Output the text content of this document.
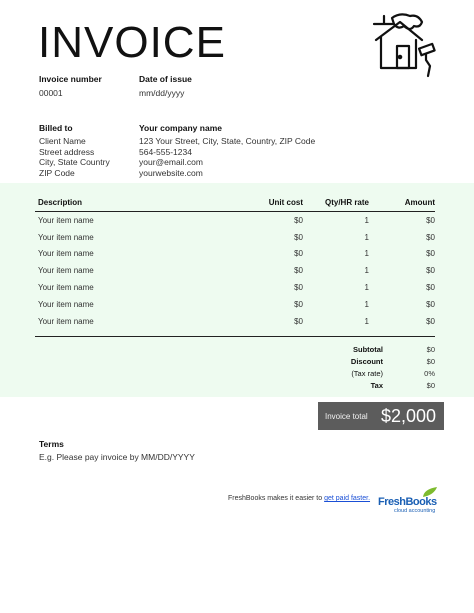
INVOICE
Invoice number
00001
Date of issue
mm/dd/yyyy
Billed to
Client Name
Street address
City, State Country
ZIP Code
Your company name
123 Your Street, City, State, Country, ZIP Code
564-555-1234
your@email.com
yourwebsite.com
Description	Unit cost	Qty/HR rate	Amount
Your item name	$0	1	$0
Your item name	$0	1	$0
Your item name	$0	1	$0
Your item name	$0	1	$0
Your item name	$0	1	$0
Your item name	$0	1	$0
Your item name	$0	1	$0
Subtotal	$0
Discount	$0
(Tax rate)	0%
Tax	$0
Invoice total $2,000
Terms
E.g. Please pay invoice by MM/DD/YYYY
FreshBooks makes it easier to get paid faster. FreshBooks
cloud accounting
